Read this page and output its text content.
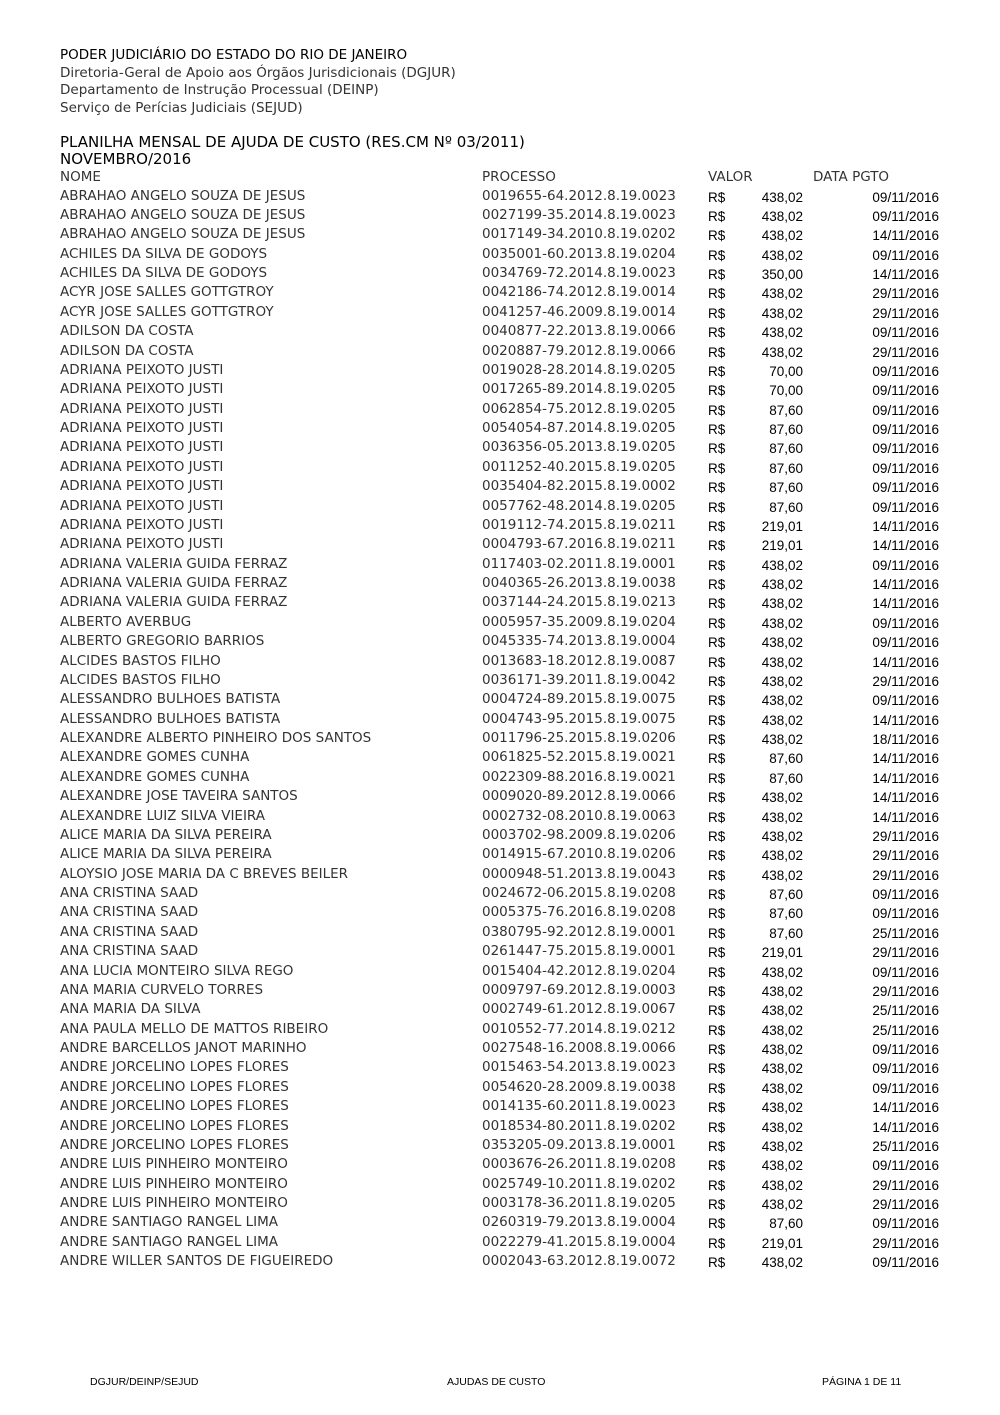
PODER JUDICIÁRIO DO ESTADO DO RIO DE JANEIRO
Diretoria-Geral de Apoio aos Órgãos Jurisdicionais (DGJUR)
Departamento de Instrução Processual (DEINP)
Serviço de Perícias Judiciais (SEJUD)
PLANILHA MENSAL DE AJUDA DE CUSTO (RES.CM Nº 03/2011)
NOVEMBRO/2016
NOME	PROCESSO	VALOR	DATA PGTO
ABRAHAO ANGELO SOUZA DE JESUS	0019655-64.2012.8.19.0023 R$	438,02	09/11/2016
ABRAHAO ANGELO SOUZA DE JESUS	0027199-35.2014.8.19.0023 R$	438,02	09/11/2016
ABRAHAO ANGELO SOUZA DE JESUS	0017149-34.2010.8.19.0202 R$	438,02	14/11/2016
ACHILES DA SILVA DE GODOYS	0035001-60.2013.8.19.0204 R$	438,02	09/11/2016
ACHILES DA SILVA DE GODOYS	0034769-72.2014.8.19.0023 R$	350,00	14/11/2016
ACYR JOSE SALLES GOTTGTROY	0042186-74.2012.8.19.0014 R$	438,02	29/11/2016
ACYR JOSE SALLES GOTTGTROY	0041257-46.2009.8.19.0014 R$	438,02	29/11/2016
ADILSON DA COSTA	0040877-22.2013.8.19.0066 R$	438,02	09/11/2016
ADILSON DA COSTA	0020887-79.2012.8.19.0066 R$	438,02	29/11/2016
ADRIANA PEIXOTO JUSTI	0019028-28.2014.8.19.0205 R$	70,00	09/11/2016
ADRIANA PEIXOTO JUSTI	0017265-89.2014.8.19.0205 R$	70,00	09/11/2016
ADRIANA PEIXOTO JUSTI	0062854-75.2012.8.19.0205 R$	87,60	09/11/2016
ADRIANA PEIXOTO JUSTI	0054054-87.2014.8.19.0205 R$	87,60	09/11/2016
ADRIANA PEIXOTO JUSTI	0036356-05.2013.8.19.0205 R$	87,60	09/11/2016
ADRIANA PEIXOTO JUSTI	0011252-40.2015.8.19.0205 R$	87,60	09/11/2016
ADRIANA PEIXOTO JUSTI	0035404-82.2015.8.19.0002 R$	87,60	09/11/2016
ADRIANA PEIXOTO JUSTI	0057762-48.2014.8.19.0205 R$	87,60	09/11/2016
ADRIANA PEIXOTO JUSTI	0019112-74.2015.8.19.0211 R$	219,01	14/11/2016
ADRIANA PEIXOTO JUSTI	0004793-67.2016.8.19.0211 R$	219,01	14/11/2016
ADRIANA VALERIA GUIDA FERRAZ	0117403-02.2011.8.19.0001 R$	438,02	09/11/2016
ADRIANA VALERIA GUIDA FERRAZ	0040365-26.2013.8.19.0038 R$	438,02	14/11/2016
ADRIANA VALERIA GUIDA FERRAZ	0037144-24.2015.8.19.0213 R$	438,02	14/11/2016
ALBERTO AVERBUG	0005957-35.2009.8.19.0204 R$	438,02	09/11/2016
ALBERTO GREGORIO BARRIOS	0045335-74.2013.8.19.0004 R$	438,02	09/11/2016
ALCIDES BASTOS FILHO	0013683-18.2012.8.19.0087 R$	438,02	14/11/2016
ALCIDES BASTOS FILHO	0036171-39.2011.8.19.0042 R$	438,02	29/11/2016
ALESSANDRO BULHOES BATISTA	0004724-89.2015.8.19.0075 R$	438,02	09/11/2016
ALESSANDRO BULHOES BATISTA	0004743-95.2015.8.19.0075 R$	438,02	14/11/2016
ALEXANDRE ALBERTO PINHEIRO DOS SANTOS	0011796-25.2015.8.19.0206 R$	438,02	18/11/2016
ALEXANDRE GOMES CUNHA	0061825-52.2015.8.19.0021 R$	87,60	14/11/2016
ALEXANDRE GOMES CUNHA	0022309-88.2016.8.19.0021 R$	87,60	14/11/2016
ALEXANDRE JOSE TAVEIRA SANTOS	0009020-89.2012.8.19.0066 R$	438,02	14/11/2016
ALEXANDRE LUIZ SILVA VIEIRA	0002732-08.2010.8.19.0063 R$	438,02	14/11/2016
ALICE MARIA DA SILVA PEREIRA	0003702-98.2009.8.19.0206 R$	438,02	29/11/2016
ALICE MARIA DA SILVA PEREIRA	0014915-67.2010.8.19.0206 R$	438,02	29/11/2016
ALOYSIO JOSE MARIA DA C BREVES BEILER	0000948-51.2013.8.19.0043 R$	438,02	29/11/2016
ANA CRISTINA SAAD	0024672-06.2015.8.19.0208 R$	87,60	09/11/2016
ANA CRISTINA SAAD	0005375-76.2016.8.19.0208 R$	87,60	09/11/2016
ANA CRISTINA SAAD	0380795-92.2012.8.19.0001 R$	87,60	25/11/2016
ANA CRISTINA SAAD	0261447-75.2015.8.19.0001 R$	219,01	29/11/2016
ANA LUCIA MONTEIRO SILVA REGO	0015404-42.2012.8.19.0204 R$	438,02	09/11/2016
ANA MARIA CURVELO TORRES	0009797-69.2012.8.19.0003 R$	438,02	29/11/2016
ANA MARIA DA SILVA	0002749-61.2012.8.19.0067 R$	438,02	25/11/2016
ANA PAULA MELLO DE MATTOS RIBEIRO	0010552-77.2014.8.19.0212 R$	438,02	25/11/2016
ANDRE BARCELLOS JANOT MARINHO	0027548-16.2008.8.19.0066 R$	438,02	09/11/2016
ANDRE JORCELINO LOPES FLORES	0015463-54.2013.8.19.0023 R$	438,02	09/11/2016
ANDRE JORCELINO LOPES FLORES	0054620-28.2009.8.19.0038 R$	438,02	09/11/2016
ANDRE JORCELINO LOPES FLORES	0014135-60.2011.8.19.0023 R$	438,02	14/11/2016
ANDRE JORCELINO LOPES FLORES	0018534-80.2011.8.19.0202 R$	438,02	14/11/2016
ANDRE JORCELINO LOPES FLORES	0353205-09.2013.8.19.0001 R$	438,02	25/11/2016
ANDRE LUIS PINHEIRO MONTEIRO	0003676-26.2011.8.19.0208 R$	438,02	09/11/2016
ANDRE LUIS PINHEIRO MONTEIRO	0025749-10.2011.8.19.0202 R$	438,02	29/11/2016
ANDRE LUIS PINHEIRO MONTEIRO	0003178-36.2011.8.19.0205 R$	438,02	29/11/2016
ANDRE SANTIAGO RANGEL LIMA	0260319-79.2013.8.19.0004 R$	87,60	09/11/2016
ANDRE SANTIAGO RANGEL LIMA	0022279-41.2015.8.19.0004 R$	219,01	29/11/2016
ANDRE WILLER SANTOS DE FIGUEIREDO	0002043-63.2012.8.19.0072 R$	438,02	09/11/2016
DGJUR/DEINP/SEJUD	AJUDAS DE CUSTO	PÁGINA 1 DE 11
